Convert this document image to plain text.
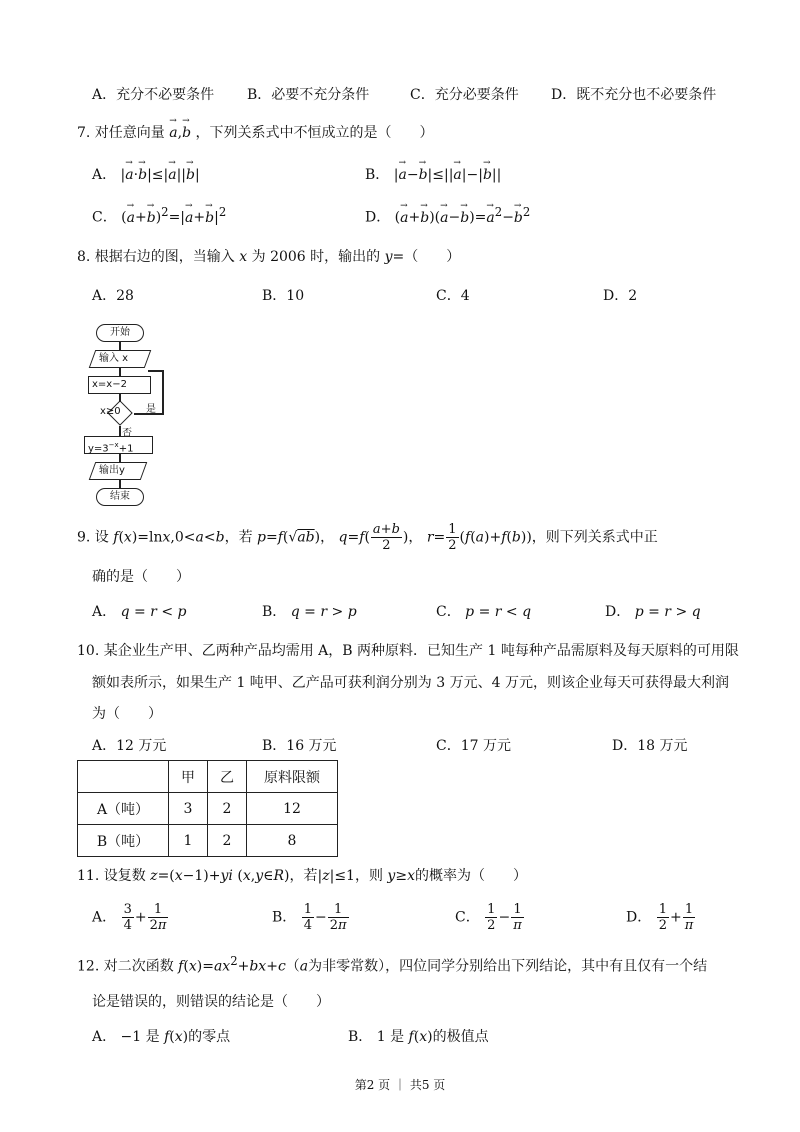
A．充分不必要条件 B．必要不充分条件	C．充分必要条件 D．既不充分也不必要条件
7. 对任意向量 → a,→ b ，下列关系式中不恒成立的是（　　）
A． |→ a·→ b|≤|→ a||→ b|	B． |→ a−→ b|≤||→ a|−|→ b||
C． (→ $a+\to b)^2=|\to a+\to b|^2$	D． (→ $a+\to b)(\to a-\to b)=\to a^2-\to b^2$
8. 根据右边的图，当输入 x 为 2006 时，输出的 y=（　　）
A．28	B．10	C．4	D．2
开始
输入 x
x=x−2
x≥0	是
否
$y=3^{-x}+1$
输出y
结束
9. 设 f(x)=lnx,0<a<b，若 p=f(√ab)， $q=f( \frac{a+b}{2}$ )， $r= \frac{1}{2} (f(a)+f(b))$，则下列关系式中正
确的是（　　）
A． q = r < p	B． q = r > p	C． p = r < q	D． p = r > q
10. 某企业生产甲、乙两种产品均需用 A，B 两种原料．已知生产 1 吨每种产品需原料及每天原料的可用限
额如表所示，如果生产 1 吨甲、乙产品可获利润分别为 3 万元、4 万元，则该企业每天可获得最大利润
为（　　）
A．12 万元	B．16 万元	C．17 万元	D．18 万元
	甲	乙	原料限额
A（吨）	3	2	12
B（吨）	1	2	8
11. 设复数 z=(x−1)+yi (x,y∈R)，若|z|≤1，则 y≥x的概率为（　　）
A． $\frac{3}{4} + \frac{1}{2\pi}$	B． $\frac{1}{4} - \frac{1}{2\pi}$	C． $\frac{1}{2} - \frac{1}{\pi}$	D． $\frac{1}{2} + \frac{1}{\pi}$
12. 对二次函数 $f(x)=ax^2+bx+c(a$为非零常数），四位同学分别给出下列结论，其中有且仅有一个结
论是错误的，则错误的结论是（　　）
A． −1 是 f(x)的零点	B． 1 是 f(x)的极值点
第2 页 ｜ 共5 页
